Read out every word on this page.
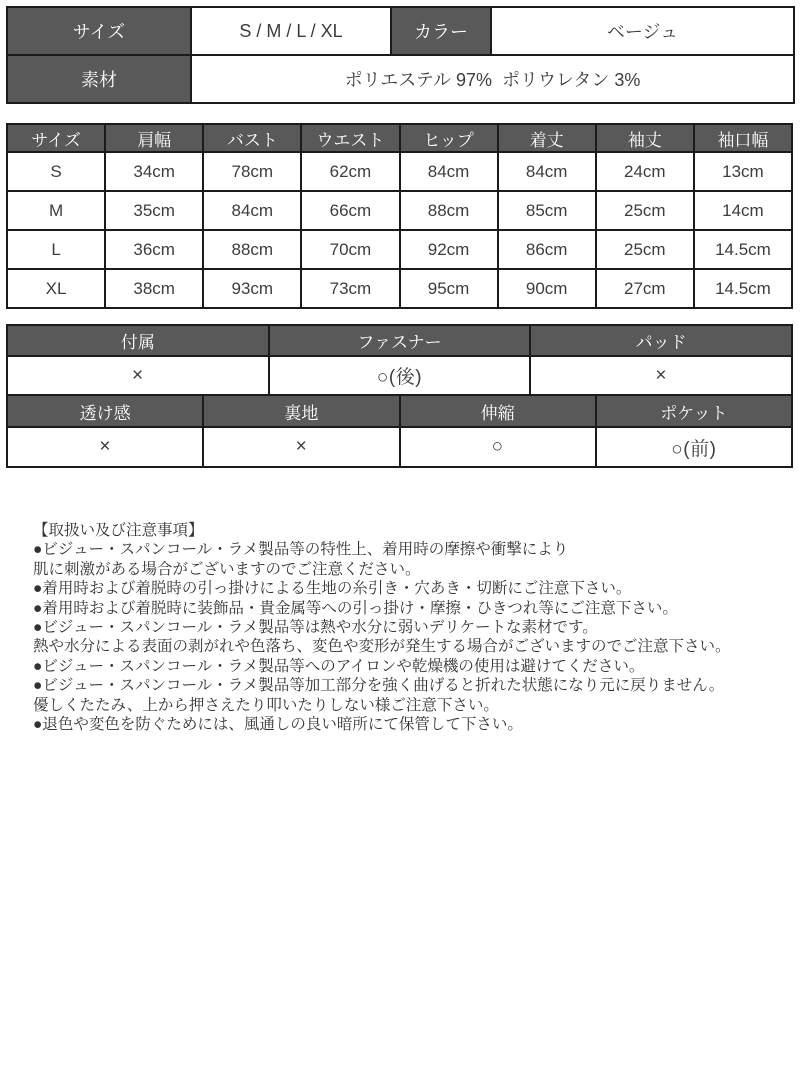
サイズ	S / M / L / XL	カラー	ベージュ
素材	ポリエステル 97%  ポリウレタン 3%		
サイズ	肩幅	バスト	ウエスト	ヒップ	着丈	袖丈	袖口幅
S	34cm	78cm	62cm	84cm	84cm	24cm	13cm
M	35cm	84cm	66cm	88cm	85cm	25cm	14cm
L	36cm	88cm	70cm	92cm	86cm	25cm	14.5cm
XL	38cm	93cm	73cm	95cm	90cm	27cm	14.5cm
付属	ファスナー	パッド
×	○(後)	×
透け感	裏地	伸縮	ポケット
×	×	○	○(前)
【取扱い及び注意事項】
●ビジュー・スパンコール・ラメ製品等の特性上、着用時の摩擦や衝撃により
肌に刺激がある場合がございますのでご注意ください。
●着用時および着脱時の引っ掛けによる生地の糸引き・穴あき・切断にご注意下さい。
●着用時および着脱時に装飾品・貴金属等への引っ掛け・摩擦・ひきつれ等にご注意下さい。
●ビジュー・スパンコール・ラメ製品等は熱や水分に弱いデリケートな素材です。
熱や水分による表面の剥がれや色落ち、変色や変形が発生する場合がございますのでご注意下さい。
●ビジュー・スパンコール・ラメ製品等へのアイロンや乾燥機の使用は避けてください。
●ビジュー・スパンコール・ラメ製品等加工部分を強く曲げると折れた状態になり元に戻りません。
優しくたたみ、上から押さえたり叩いたりしない様ご注意下さい。
●退色や変色を防ぐためには、風通しの良い暗所にて保管して下さい。
